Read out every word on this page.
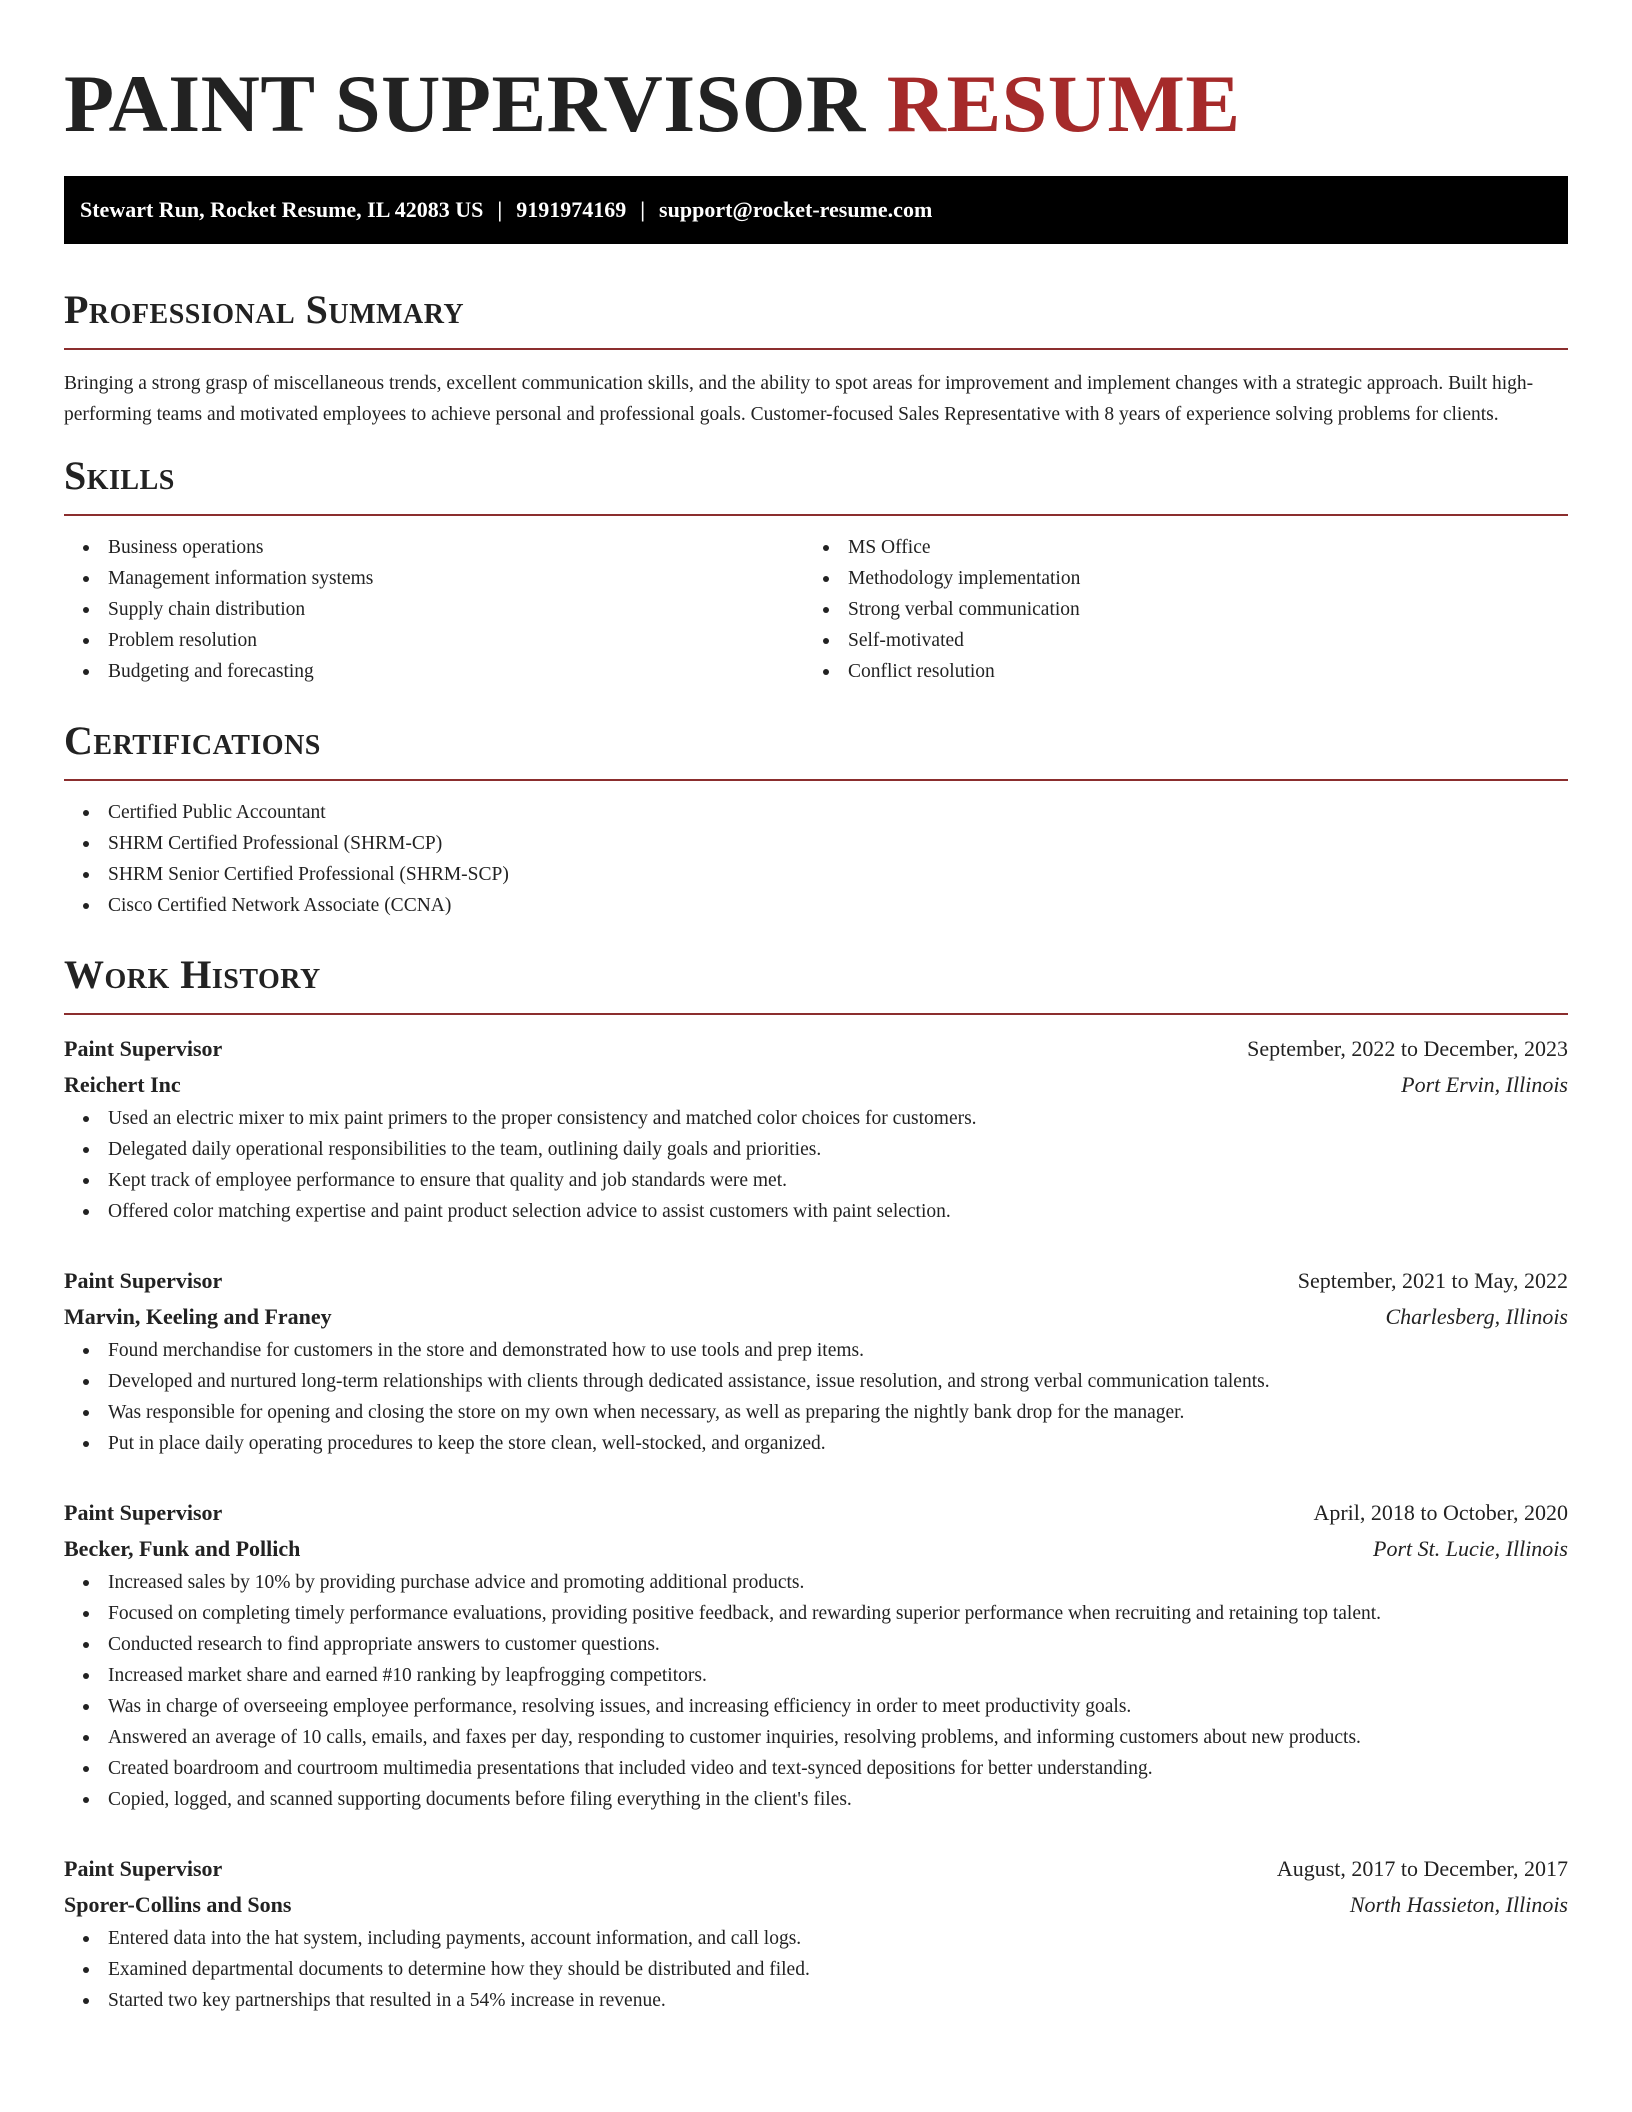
PAINT SUPERVISOR RESUME
Stewart Run, Rocket Resume, IL 42083 US | 9191974169 | support@rocket-resume.com
Professional Summary

Bringing a strong grasp of miscellaneous trends, excellent communication skills, and the ability to spot areas for improvement and implement changes with a strategic approach. Built high-performing teams and motivated employees to achieve personal and professional goals. Customer-focused Sales Representative with 8 years of experience solving problems for clients.

Skills
Business operations
Management information systems
Supply chain distribution
Problem resolution
Budgeting and forecasting
MS Office
Methodology implementation
Strong verbal communication
Self-motivated
Conflict resolution
Certifications
Certified Public Accountant
SHRM Certified Professional (SHRM-CP)
SHRM Senior Certified Professional (SHRM-SCP)
Cisco Certified Network Associate (CCNA)
Work History
Paint Supervisor	September, 2022 to December, 2023
Reichert Inc	Port Ervin, Illinois
Used an electric mixer to mix paint primers to the proper consistency and matched color choices for customers.
Delegated daily operational responsibilities to the team, outlining daily goals and priorities.
Kept track of employee performance to ensure that quality and job standards were met.
Offered color matching expertise and paint product selection advice to assist customers with paint selection.
Paint Supervisor	September, 2021 to May, 2022
Marvin, Keeling and Franey	Charlesberg, Illinois
Found merchandise for customers in the store and demonstrated how to use tools and prep items.
Developed and nurtured long-term relationships with clients through dedicated assistance, issue resolution, and strong verbal communication talents.
Was responsible for opening and closing the store on my own when necessary, as well as preparing the nightly bank drop for the manager.
Put in place daily operating procedures to keep the store clean, well-stocked, and organized.
Paint Supervisor	April, 2018 to October, 2020
Becker, Funk and Pollich	Port St. Lucie, Illinois
Increased sales by 10% by providing purchase advice and promoting additional products.
Focused on completing timely performance evaluations, providing positive feedback, and rewarding superior performance when recruiting and retaining top talent.
Conducted research to find appropriate answers to customer questions.
Increased market share and earned #10 ranking by leapfrogging competitors.
Was in charge of overseeing employee performance, resolving issues, and increasing efficiency in order to meet productivity goals.
Answered an average of 10 calls, emails, and faxes per day, responding to customer inquiries, resolving problems, and informing customers about new products.
Created boardroom and courtroom multimedia presentations that included video and text-synced depositions for better understanding.
Copied, logged, and scanned supporting documents before filing everything in the client's files.
Paint Supervisor	August, 2017 to December, 2017
Sporer-Collins and Sons	North Hassieton, Illinois
Entered data into the hat system, including payments, account information, and call logs.
Examined departmental documents to determine how they should be distributed and filed.
Started two key partnerships that resulted in a 54% increase in revenue.
